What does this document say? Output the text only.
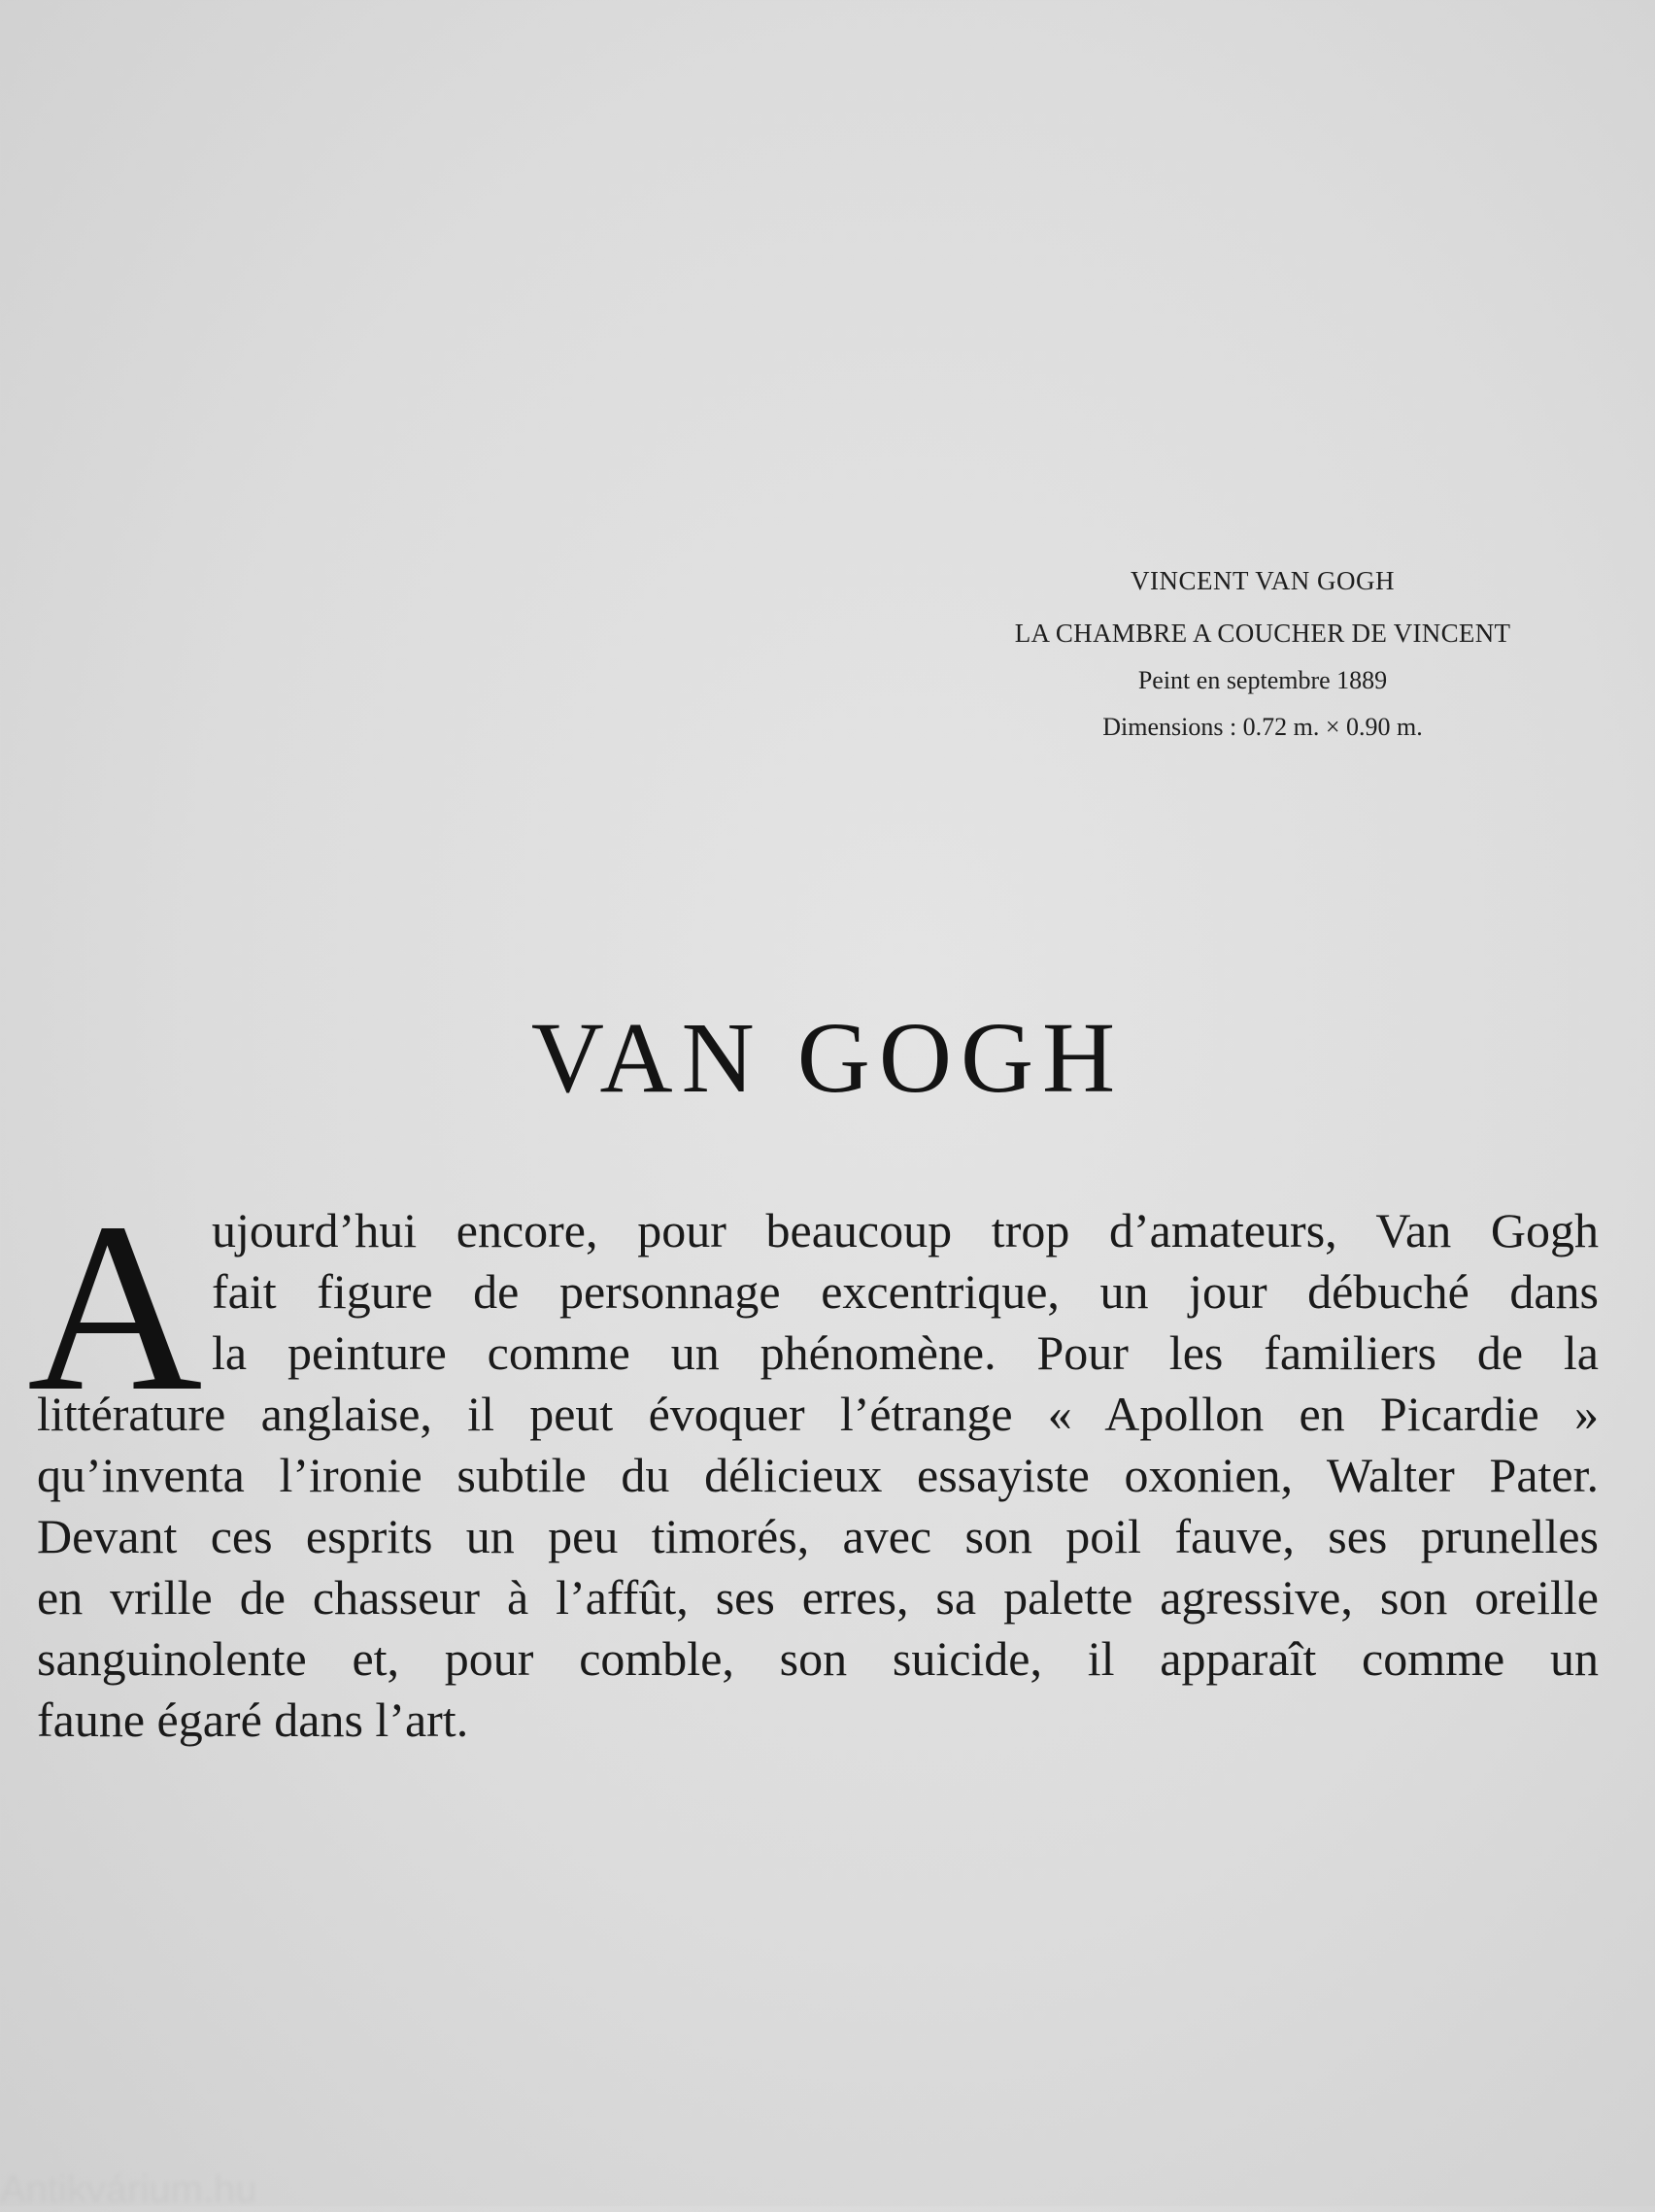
VINCENT VAN GOGH
LA CHAMBRE A COUCHER DE VINCENT
Peint en septembre 1889
Dimensions : 0.72 m. × 0.90 m.
VAN GOGH
A ujourd’hui encore, pour beaucoup trop d’amateurs, Van Gogh
fait figure de personnage excentrique, un jour débuché dans
la peinture comme un phénomène. Pour les familiers de la
littérature anglaise, il peut évoquer l’étrange « Apollon en Picardie »
qu’inventa l’ironie subtile du délicieux essayiste oxonien, Walter Pater.
Devant ces esprits un peu timorés, avec son poil fauve, ses prunelles
en vrille de chasseur à l’affût, ses erres, sa palette agressive, son oreille
sanguinolente et, pour comble, son suicide, il apparaît comme un
faune égaré dans l’art.
Antikvárium.hu
